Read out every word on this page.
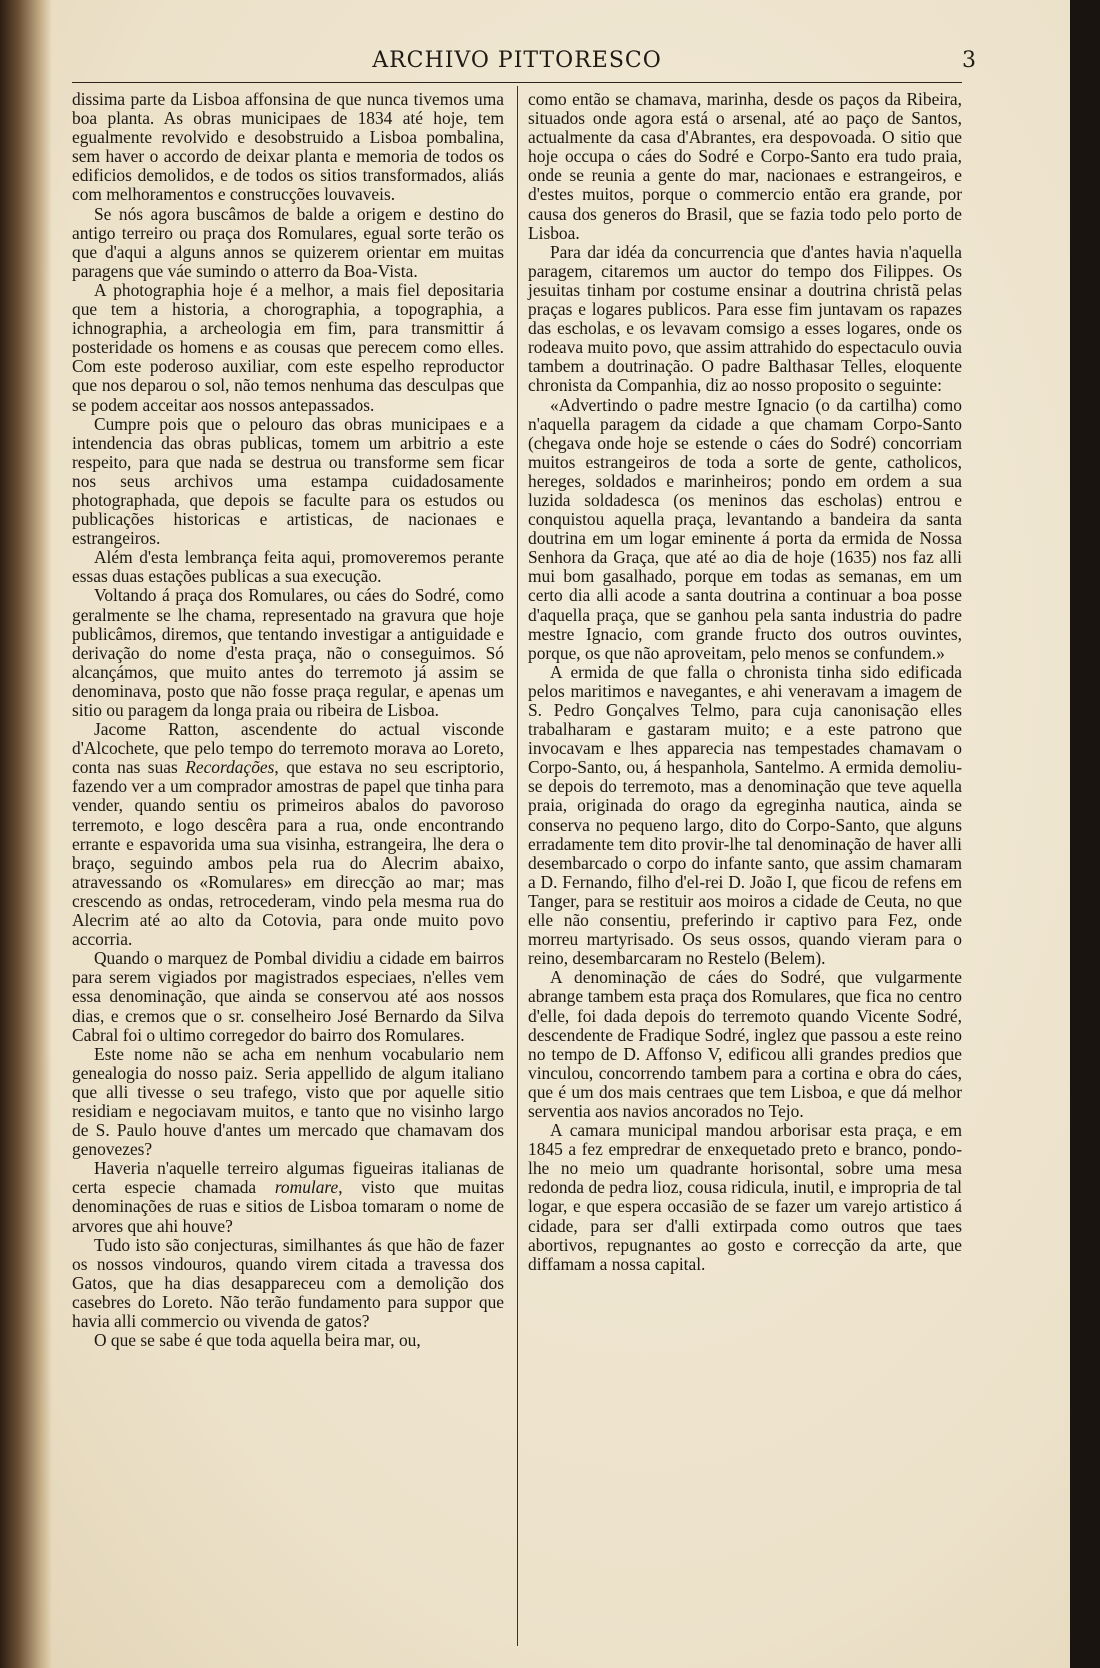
ARCHIVO PITTORESCO	3

dissima parte da Lisboa affonsina de que nunca tivemos uma boa planta. As obras municipaes de 1834 até hoje, tem egualmente revolvido e desobstruido a Lisboa pombalina, sem haver o accordo de deixar planta e memoria de todos os edificios demolidos, e de todos os sitios transformados, aliás com melhoramentos e construcções louvaveis.

Se nós agora buscâmos de balde a origem e destino do antigo terreiro ou praça dos Romulares, egual sorte terão os que d'aqui a alguns annos se quizerem orientar em muitas paragens que váe sumindo o atterro da Boa-Vista.

A photographia hoje é a melhor, a mais fiel depositaria que tem a historia, a chorographia, a topographia, a ichnographia, a archeologia em fim, para transmittir á posteridade os homens e as cousas que perecem como elles. Com este poderoso auxiliar, com este espelho reproductor que nos deparou o sol, não temos nenhuma das desculpas que se podem acceitar aos nossos antepassados.

Cumpre pois que o pelouro das obras municipaes e a intendencia das obras publicas, tomem um arbitrio a este respeito, para que nada se destrua ou transforme sem ficar nos seus archivos uma estampa cuidadosamente photographada, que depois se faculte para os estudos ou publicações historicas e artisticas, de nacionaes e estrangeiros.

Além d'esta lembrança feita aqui, promoveremos perante essas duas estações publicas a sua execução.

Voltando á praça dos Romulares, ou cáes do Sodré, como geralmente se lhe chama, representado na gravura que hoje publicâmos, diremos, que tentando investigar a antiguidade e derivação do nome d'esta praça, não o conseguimos. Só alcançámos, que muito antes do terremoto já assim se denominava, posto que não fosse praça regular, e apenas um sitio ou paragem da longa praia ou ribeira de Lisboa.

Jacome Ratton, ascendente do actual visconde d'Alcochete, que pelo tempo do terremoto morava ao Loreto, conta nas suas Recordações, que estava no seu escriptorio, fazendo ver a um comprador amostras de papel que tinha para vender, quando sentiu os primeiros abalos do pavoroso terremoto, e logo descêra para a rua, onde encontrando errante e espavorida uma sua visinha, estrangeira, lhe dera o braço, seguindo ambos pela rua do Alecrim abaixo, atravessando os «Romulares» em direcção ao mar; mas crescendo as ondas, retrocederam, vindo pela mesma rua do Alecrim até ao alto da Cotovia, para onde muito povo accorria.

Quando o marquez de Pombal dividiu a cidade em bairros para serem vigiados por magistrados especiaes, n'elles vem essa denominação, que ainda se conservou até aos nossos dias, e cremos que o sr. conselheiro José Bernardo da Silva Cabral foi o ultimo corregedor do bairro dos Romulares.

Este nome não se acha em nenhum vocabulario nem genealogia do nosso paiz. Seria appellido de algum italiano que alli tivesse o seu trafego, visto que por aquelle sitio residiam e negociavam muitos, e tanto que no visinho largo de S. Paulo houve d'antes um mercado que chamavam dos genovezes?

Haveria n'aquelle terreiro algumas figueiras italianas de certa especie chamada romulare, visto que muitas denominações de ruas e sitios de Lisboa tomaram o nome de arvores que ahi houve?

Tudo isto são conjecturas, similhantes ás que hão de fazer os nossos vindouros, quando virem citada a travessa dos Gatos, que ha dias desappareceu com a demolição dos casebres do Loreto. Não terão fundamento para suppor que havia alli commercio ou vivenda de gatos?

O que se sabe é que toda aquella beira mar, ou,

como então se chamava, marinha, desde os paços da Ribeira, situados onde agora está o arsenal, até ao paço de Santos, actualmente da casa d'Abrantes, era despovoada. O sitio que hoje occupa o cáes do Sodré e Corpo-Santo era tudo praia, onde se reunia a gente do mar, nacionaes e estrangeiros, e d'estes muitos, porque o commercio então era grande, por causa dos generos do Brasil, que se fazia todo pelo porto de Lisboa.

Para dar idéa da concurrencia que d'antes havia n'aquella paragem, citaremos um auctor do tempo dos Filippes. Os jesuitas tinham por costume ensinar a doutrina christã pelas praças e logares publicos. Para esse fim juntavam os rapazes das escholas, e os levavam comsigo a esses logares, onde os rodeava muito povo, que assim attrahido do espectaculo ouvia tambem a doutrinação. O padre Balthasar Telles, eloquente chronista da Companhia, diz ao nosso proposito o seguinte:

«Advertindo o padre mestre Ignacio (o da cartilha) como n'aquella paragem da cidade a que chamam Corpo-Santo (chegava onde hoje se estende o cáes do Sodré) concorriam muitos estrangeiros de toda a sorte de gente, catholicos, hereges, soldados e marinheiros; pondo em ordem a sua luzida soldadesca (os meninos das escholas) entrou e conquistou aquella praça, levantando a bandeira da santa doutrina em um logar eminente á porta da ermida de Nossa Senhora da Graça, que até ao dia de hoje (1635) nos faz alli mui bom gasalhado, porque em todas as semanas, em um certo dia alli acode a santa doutrina a continuar a boa posse d'aquella praça, que se ganhou pela santa industria do padre mestre Ignacio, com grande fructo dos outros ouvintes, porque, os que não aproveitam, pelo menos se confundem.»

A ermida de que falla o chronista tinha sido edificada pelos maritimos e navegantes, e ahi veneravam a imagem de S. Pedro Gonçalves Telmo, para cuja canonisação elles trabalharam e gastaram muito; e a este patrono que invocavam e lhes apparecia nas tempestades chamavam o Corpo-Santo, ou, á hespanhola, Santelmo. A ermida demoliu-se depois do terremoto, mas a denominação que teve aquella praia, originada do orago da egreginha nautica, ainda se conserva no pequeno largo, dito do Corpo-Santo, que alguns erradamente tem dito provir-lhe tal denominação de haver alli desembarcado o corpo do infante santo, que assim chamaram a D. Fernando, filho d'el-rei D. João I, que ficou de refens em Tanger, para se restituir aos moiros a cidade de Ceuta, no que elle não consentiu, preferindo ir captivo para Fez, onde morreu martyrisado. Os seus ossos, quando vieram para o reino, desembarcaram no Restelo (Belem).

A denominação de cáes do Sodré, que vulgarmente abrange tambem esta praça dos Romulares, que fica no centro d'elle, foi dada depois do terremoto quando Vicente Sodré, descendente de Fradique Sodré, inglez que passou a este reino no tempo de D. Affonso V, edificou alli grandes predios que vinculou, concorrendo tambem para a cortina e obra do cáes, que é um dos mais centraes que tem Lisboa, e que dá melhor serventia aos navios ancorados no Tejo.

A camara municipal mandou arborisar esta praça, e em 1845 a fez empredrar de enxequetado preto e branco, pondo-lhe no meio um quadrante horisontal, sobre uma mesa redonda de pedra lioz, cousa ridicula, inutil, e impropria de tal logar, e que espera occasião de se fazer um varejo artistico á cidade, para ser d'alli extirpada como outros que taes abortivos, repugnantes ao gosto e correcção da arte, que diffamam a nossa capital.
